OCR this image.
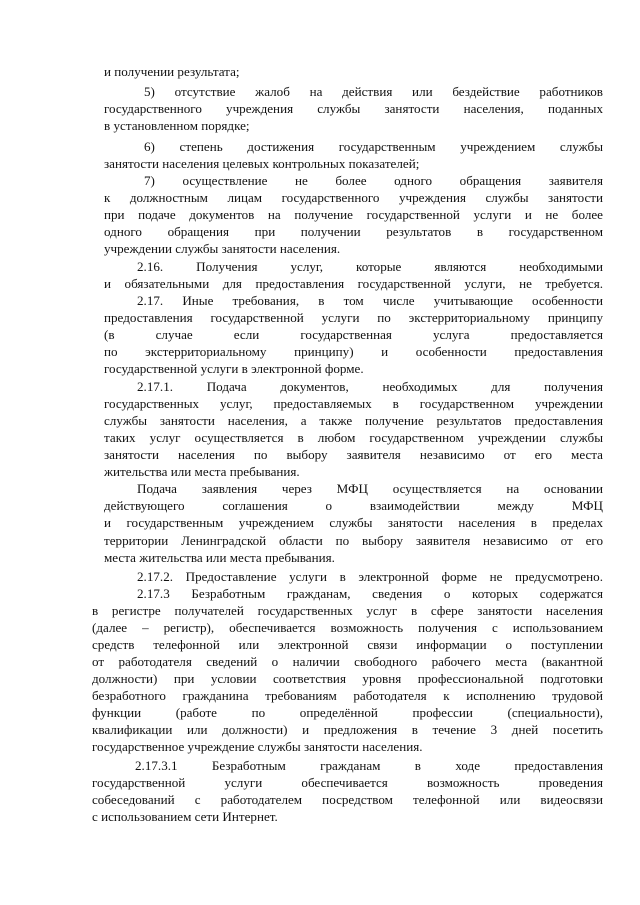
и получении результата;
5) отсутствие жалоб на действия или бездействие работников
государственного учреждения службы занятости населения, поданных
в установленном порядке;
6) степень достижения государственным учреждением службы
занятости населения целевых контрольных показателей;
7) осуществление не более одного обращения заявителя
к должностным лицам государственного учреждения службы занятости
при подаче документов на получение государственной услуги и не более
одного обращения при получении результатов в государственном
учреждении службы занятости населения.
2.16. Получения услуг, которые являются необходимыми
и обязательными для предоставления государственной услуги, не требуется.
2.17. Иные требования, в том числе учитывающие особенности
предоставления государственной услуги по экстерриториальному принципу
(в случае если государственная услуга предоставляется
по экстерриториальному принципу) и особенности предоставления
государственной услуги в электронной форме.
2.17.1. Подача документов, необходимых для получения
государственных услуг, предоставляемых в государственном учреждении
службы занятости населения, а также получение результатов предоставления
таких услуг осуществляется в любом государственном учреждении службы
занятости населения по выбору заявителя независимо от его места
жительства или места пребывания.
Подача заявления через МФЦ осуществляется на основании
действующего соглашения о взаимодействии между МФЦ
и государственным учреждением службы занятости населения в пределах
территории Ленинградской области по выбору заявителя независимо от его
места жительства или места пребывания.
2.17.2. Предоставление услуги в электронной форме не предусмотрено.
2.17.3 Безработным гражданам, сведения о которых содержатся
в регистре получателей государственных услуг в сфере занятости населения
(далее – регистр), обеспечивается возможность получения с использованием
средств телефонной или электронной связи информации о поступлении
от работодателя сведений о наличии свободного рабочего места (вакантной
должности) при условии соответствия уровня профессиональной подготовки
безработного гражданина требованиям работодателя к исполнению трудовой
функции (работе по определённой профессии (специальности),
квалификации или должности) и предложения в течение 3 дней посетить
государственное учреждение службы занятости населения.
2.17.3.1 Безработным гражданам в ходе предоставления
государственной услуги обеспечивается возможность проведения
собеседований с работодателем посредством телефонной или видеосвязи
с использованием сети Интернет.
